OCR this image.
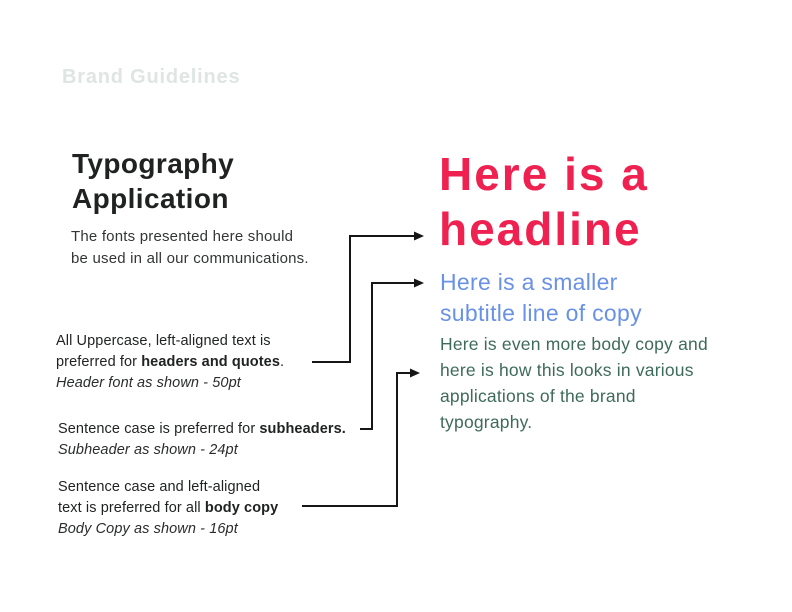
Brand Guidelines
Typography
Application
The fonts presented here should
be used in all our communications.
All Uppercase, left-aligned text is
preferred for headers and quotes.
Header font as shown - 50pt
Sentence case is preferred for subheaders.
Subheader as shown - 24pt
Sentence case and left-aligned
text is preferred for all body copy
Body Copy as shown - 16pt
Here is a
headline
Here is a smaller
subtitle line of copy
Here is even more body copy and
here is how this looks in various
applications of the brand
typography.
